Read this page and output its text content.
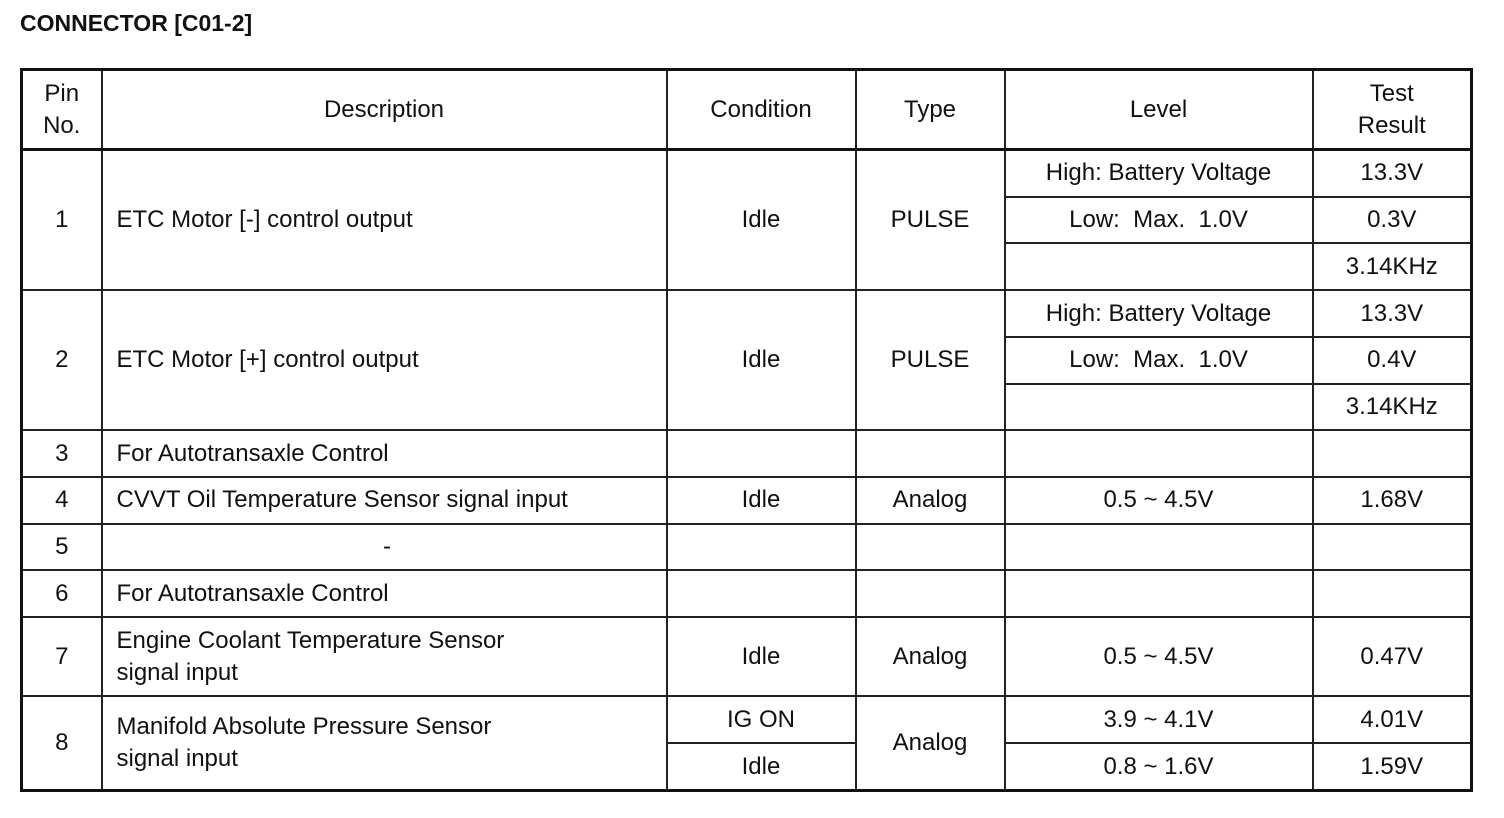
CONNECTOR [C01-2]
Pin
No.	Description	Condition	Type	Level	Test
Result
1	ETC Motor [-] control output	Idle	PULSE	High: Battery Voltage	13.3V
				Low:  Max.  1.0V	0.3V
					3.14KHz
2	ETC Motor [+] control output	Idle	PULSE	High: Battery Voltage	13.3V
				Low:  Max.  1.0V	0.4V
					3.14KHz
3	For Autotransaxle Control				
4	CVVT Oil Temperature Sensor signal input	Idle	Analog	0.5 ~ 4.5V	1.68V
5	-				
6	For Autotransaxle Control				
7	Engine Coolant Temperature Sensor
signal input	Idle	Analog	0.5 ~ 4.5V	0.47V
8	Manifold Absolute Pressure Sensor
signal input	IG ON	Analog	3.9 ~ 4.1V	4.01V
		Idle		0.8 ~ 1.6V	1.59V
